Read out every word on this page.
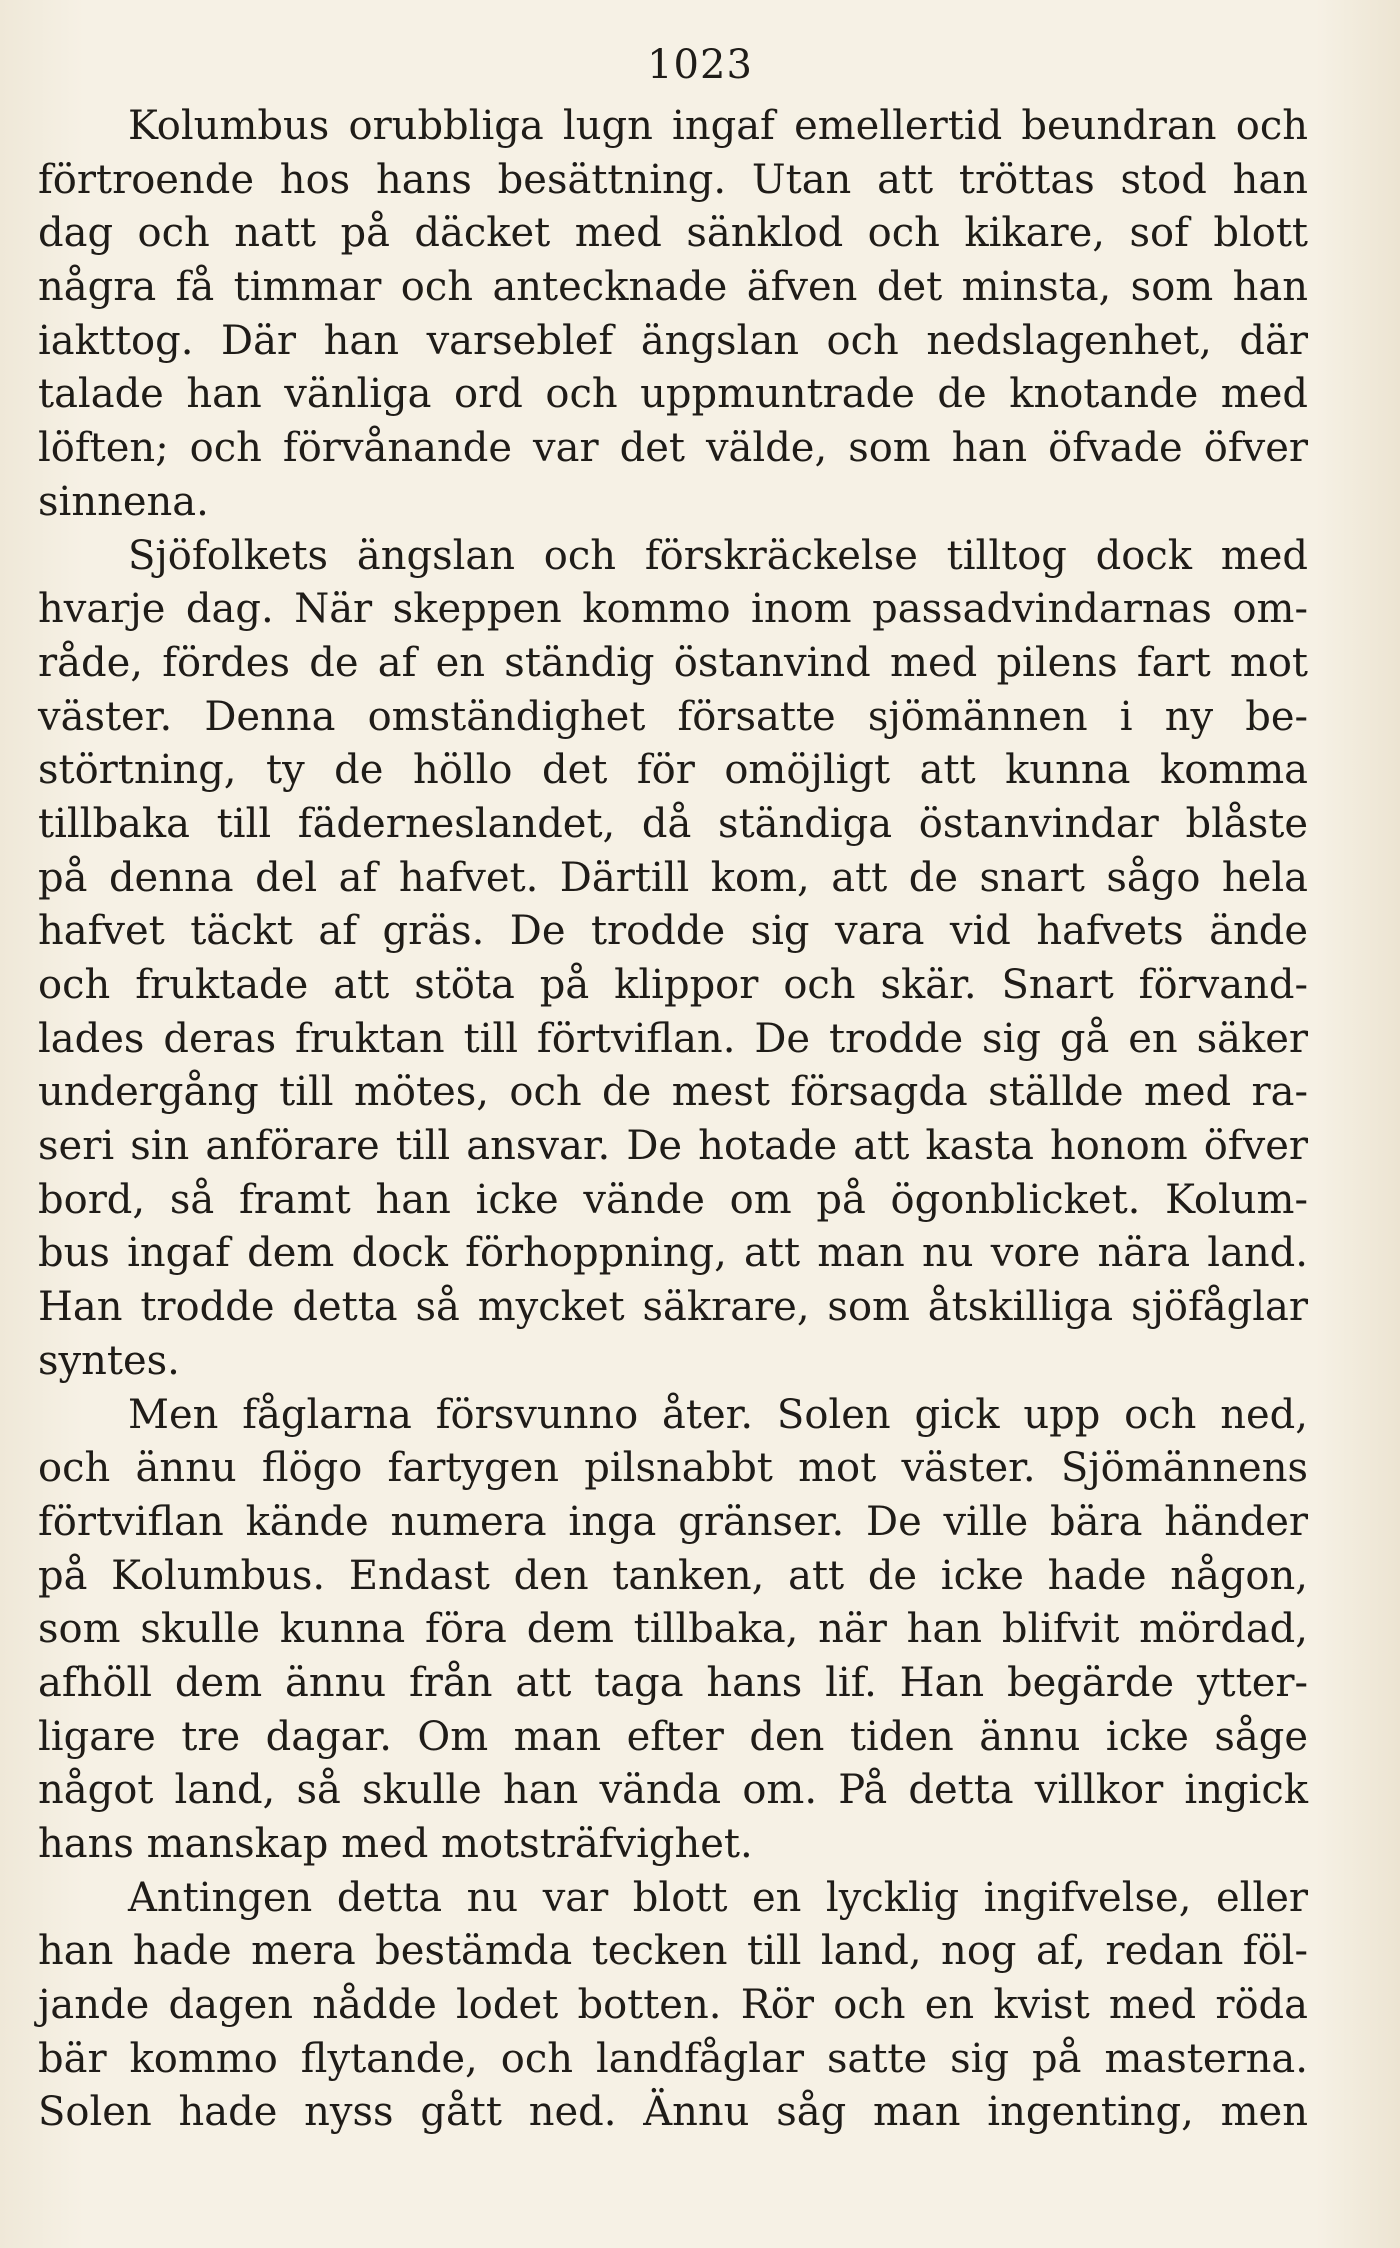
1023
Kolumbus orubbliga lugn ingaf emellertid beundran och
förtroende hos hans besättning. Utan att tröttas stod han
dag och natt på däcket med sänklod och kikare, sof blott
några få timmar och antecknade äfven det minsta, som han
iakttog. Där han varseblef ängslan och nedslagenhet, där
talade han vänliga ord och uppmuntrade de knotande med
löften; och förvånande var det välde, som han öfvade öfver
sinnena.
Sjöfolkets ängslan och förskräckelse tilltog dock med
hvarje dag. När skeppen kommo inom passadvindarnas om-
råde, fördes de af en ständig östanvind med pilens fart mot
väster. Denna omständighet försatte sjömännen i ny be-
störtning, ty de höllo det för omöjligt att kunna komma
tillbaka till fäderneslandet, då ständiga östanvindar blåste
på denna del af hafvet. Därtill kom, att de snart sågo hela
hafvet täckt af gräs. De trodde sig vara vid hafvets ände
och fruktade att stöta på klippor och skär. Snart förvand-
lades deras fruktan till förtviflan. De trodde sig gå en säker
undergång till mötes, och de mest försagda ställde med ra-
seri sin anförare till ansvar. De hotade att kasta honom öfver
bord, så framt han icke vände om på ögonblicket. Kolum-
bus ingaf dem dock förhoppning, att man nu vore nära land.
Han trodde detta så mycket säkrare, som åtskilliga sjöfåglar
syntes.
Men fåglarna försvunno åter. Solen gick upp och ned,
och ännu flögo fartygen pilsnabbt mot väster. Sjömännens
förtviflan kände numera inga gränser. De ville bära händer
på Kolumbus. Endast den tanken, att de icke hade någon,
som skulle kunna föra dem tillbaka, när han blifvit mördad,
afhöll dem ännu från att taga hans lif. Han begärde ytter-
ligare tre dagar. Om man efter den tiden ännu icke såge
något land, så skulle han vända om. På detta villkor ingick
hans manskap med motsträfvighet.
Antingen detta nu var blott en lycklig ingifvelse, eller
han hade mera bestämda tecken till land, nog af, redan föl-
jande dagen nådde lodet botten. Rör och en kvist med röda
bär kommo flytande, och landfåglar satte sig på masterna.
Solen hade nyss gått ned. Ännu såg man ingenting, men
